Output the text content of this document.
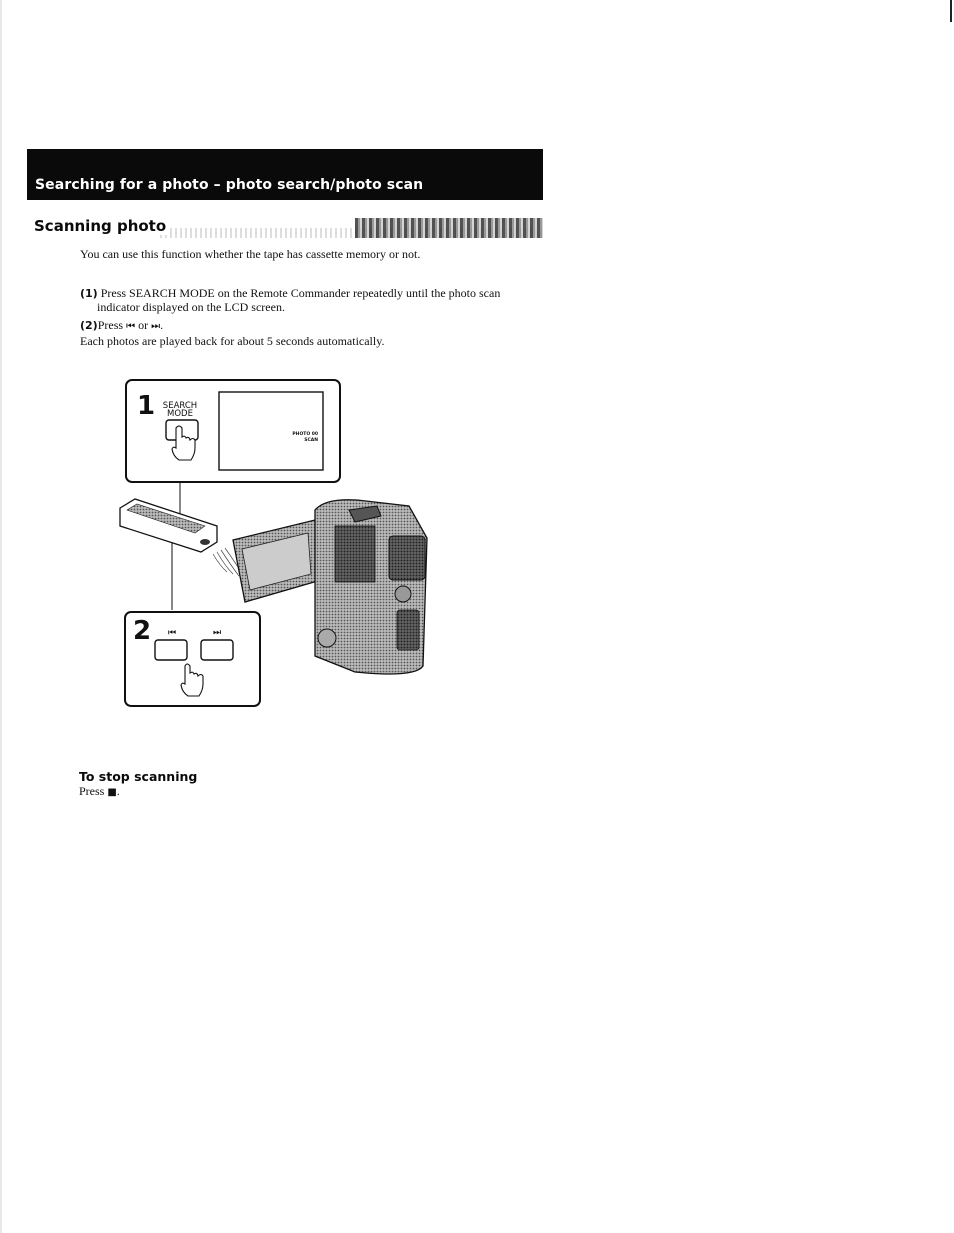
Searching for a photo – photo search/photo scan
Scanning photo
You can use this function whether the tape has cassette memory or not.
(1) Press SEARCH MODE on the Remote Commander repeatedly until the photo scan
indicator displayed on the LCD screen.
(2)Press ⏮ or ⏭.
Each photos are played back for about 5 seconds automatically.
1 SEARCH
MODE
PHOTO 00
SCAN
2 ⏮	⏭
To stop scanning
Press ■.
